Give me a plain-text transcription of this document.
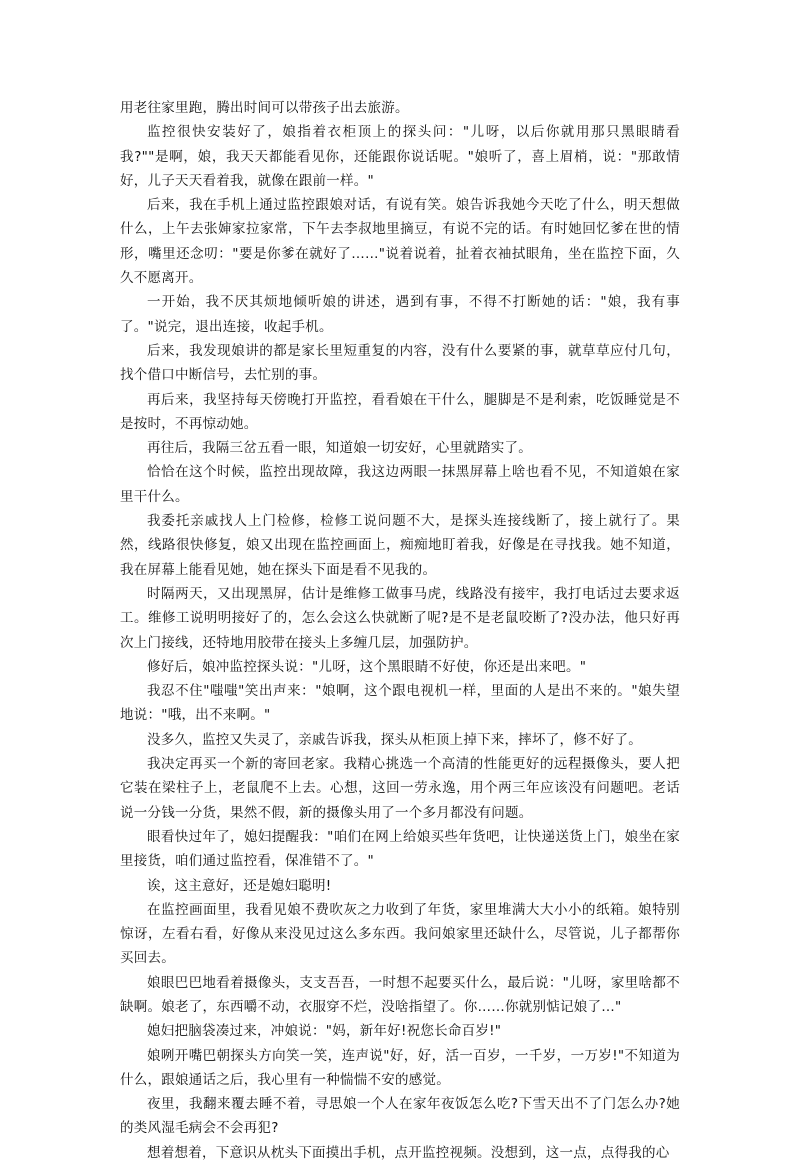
用老往家里跑，腾出时间可以带孩子出去旅游。

监控很快安装好了，娘指着衣柜顶上的探头问："儿呀，以后你就用那只黑眼睛看我?""是啊，娘，我天天都能看见你，还能跟你说话呢。"娘听了，喜上眉梢，说："那敢情好，儿子天天看着我，就像在跟前一样。"

后来，我在手机上通过监控跟娘对话，有说有笑。娘告诉我她今天吃了什么，明天想做什么，上午去张婶家拉家常，下午去李叔地里摘豆，有说不完的话。有时她回忆爹在世的情形，嘴里还念叨："要是你爹在就好了……"说着说着，扯着衣袖拭眼角，坐在监控下面，久久不愿离开。

一开始，我不厌其烦地倾听娘的讲述，遇到有事，不得不打断她的话："娘，我有事了。"说完，退出连接，收起手机。

后来，我发现娘讲的都是家长里短重复的内容，没有什么要紧的事，就草草应付几句，找个借口中断信号，去忙别的事。

再后来，我坚持每天傍晚打开监控，看看娘在干什么，腿脚是不是利索，吃饭睡觉是不是按时，不再惊动她。

再往后，我隔三岔五看一眼，知道娘一切安好，心里就踏实了。

恰恰在这个时候，监控出现故障，我这边两眼一抹黑屏幕上啥也看不见，不知道娘在家里干什么。

我委托亲戚找人上门检修，检修工说问题不大，是探头连接线断了，接上就行了。果然，线路很快修复，娘又出现在监控画面上，痴痴地盯着我，好像是在寻找我。她不知道，我在屏幕上能看见她，她在探头下面是看不见我的。

时隔两天，又出现黑屏，估计是维修工做事马虎，线路没有接牢，我打电话过去要求返工。维修工说明明接好了的，怎么会这么快就断了呢?是不是老鼠咬断了?没办法，他只好再次上门接线，还特地用胶带在接头上多缠几层，加强防护。

修好后，娘冲监控探头说："儿呀，这个黑眼睛不好使，你还是出来吧。"

我忍不住"嗤嗤"笑出声来："娘啊，这个跟电视机一样，里面的人是出不来的。"娘失望地说："哦，出不来啊。"

没多久，监控又失灵了，亲戚告诉我，探头从柜顶上掉下来，摔坏了，修不好了。

我决定再买一个新的寄回老家。我精心挑选一个高清的性能更好的远程摄像头，要人把它装在梁柱子上，老鼠爬不上去。心想，这回一劳永逸，用个两三年应该没有问题吧。老话说一分钱一分货，果然不假，新的摄像头用了一个多月都没有问题。

眼看快过年了，媳妇提醒我："咱们在网上给娘买些年货吧，让快递送货上门，娘坐在家里接货，咱们通过监控看，保准错不了。"

诶，这主意好，还是媳妇聪明!

在监控画面里，我看见娘不费吹灰之力收到了年货，家里堆满大大小小的纸箱。娘特别惊讶，左看右看，好像从来没见过这么多东西。我问娘家里还缺什么，尽管说，儿子都帮你买回去。

娘眼巴巴地看着摄像头，支支吾吾，一时想不起要买什么，最后说："儿呀，家里啥都不缺啊。娘老了，东西嚼不动，衣服穿不烂，没啥指望了。你……你就别惦记娘了…"

媳妇把脑袋凑过来，冲娘说："妈，新年好!祝您长命百岁!"

娘咧开嘴巴朝探头方向笑一笑，连声说"好，好，活一百岁，一千岁，一万岁!"不知道为什么，跟娘通话之后，我心里有一种惴惴不安的感觉。

夜里，我翻来覆去睡不着，寻思娘一个人在家年夜饭怎么吃?下雪天出不了门怎么办?她的类风湿毛病会不会再犯?

想着想着，下意识从枕头下面摸出手机，点开监控视频。没想到，这一点，点得我的心
